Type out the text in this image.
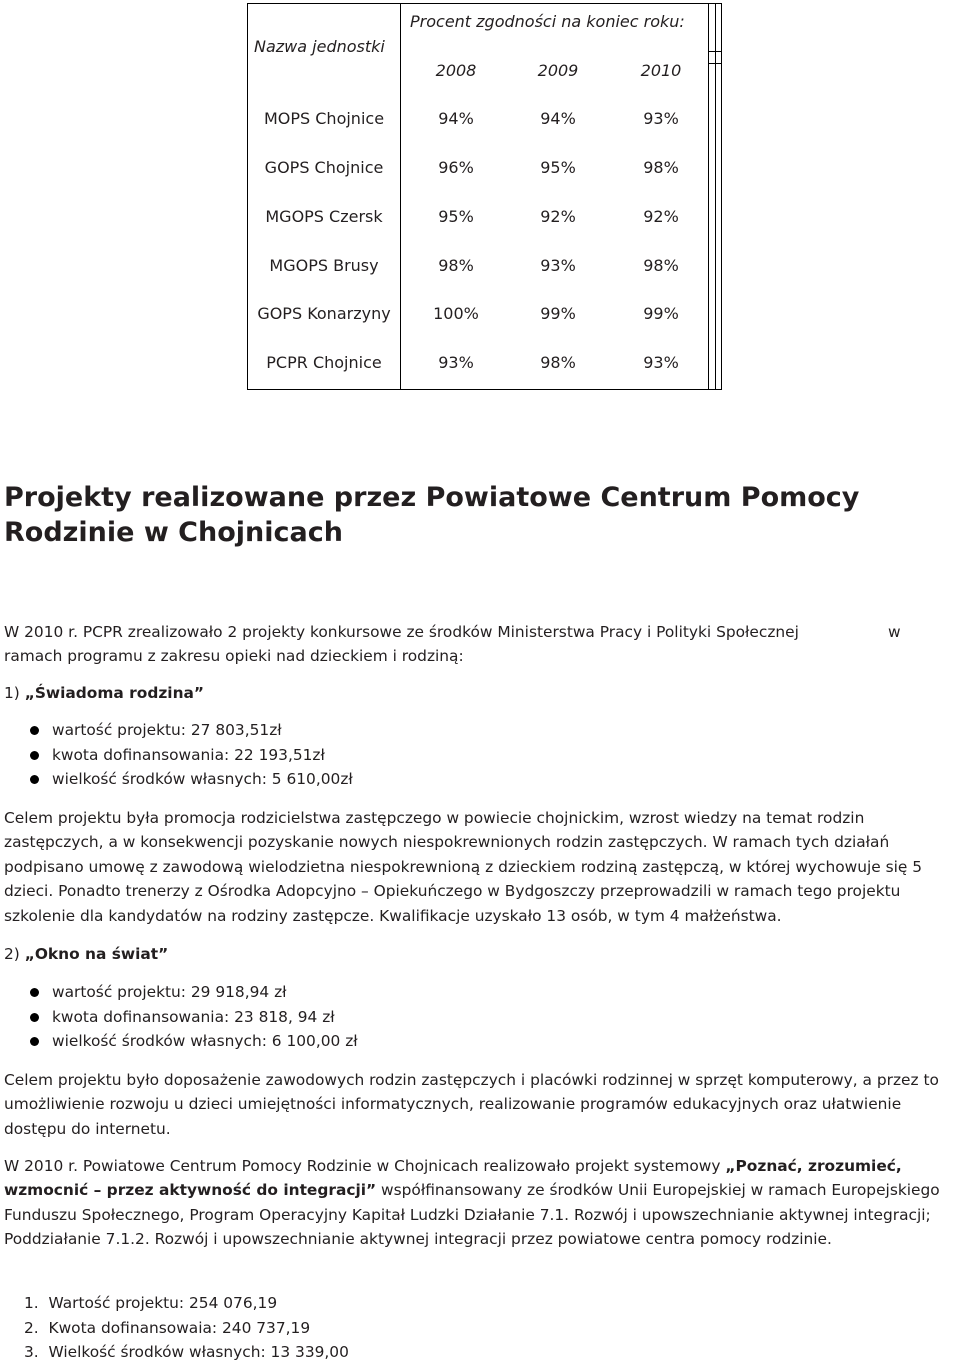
Nazwa jednostki
Procent zgodności na koniec roku:
2008	2009	2010
MOPS Chojnice	94%	94%	93%
GOPS Chojnice	96%	95%	98%
MGOPS Czersk	95%	92%	92%
MGOPS Brusy	98%	93%	98%
GOPS Konarzyny	100%	99%	99%
PCPR Chojnice	93%	98%	93%
Projekty realizowane przez Powiatowe Centrum Pomocy Rodzinie w Chojnicach
W 2010 r. PCPR zrealizowało 2 projekty konkursowe ze środków Ministerstwa Pracy i Polityki Społecznej	w
ramach programu z zakresu opieki nad dzieckiem i rodziną:
1) „Świadoma rodzina”
wartość projektu: 27 803,51zł
kwota dofinansowania: 22 193,51zł
wielkość środków własnych: 5 610,00zł
Celem projektu była promocja rodzicielstwa zastępczego w powiecie chojnickim, wzrost wiedzy na temat rodzin zastępczych, a w konsekwencji pozyskanie nowych niespokrewnionych rodzin zastępczych. W ramach tych działań podpisano umowę z zawodową wielodzietna niespokrewnioną z dzieckiem rodziną zastępczą, w której wychowuje się 5 dzieci. Ponadto trenerzy z Ośrodka Adopcyjno – Opiekuńczego w Bydgoszczy przeprowadzili w ramach tego projektu szkolenie dla kandydatów na rodziny zastępcze. Kwalifikacje uzyskało 13 osób, w tym 4 małżeństwa.
2) „Okno na świat”
wartość projektu: 29 918,94 zł
kwota dofinansowania: 23 818, 94 zł
wielkość środków własnych: 6 100,00 zł
Celem projektu było doposażenie zawodowych rodzin zastępczych i placówki rodzinnej w sprzęt komputerowy, a przez to umożliwienie rozwoju u dzieci umiejętności informatycznych, realizowanie programów edukacyjnych oraz ułatwienie dostępu do internetu.
W 2010 r. Powiatowe Centrum Pomocy Rodzinie w Chojnicach realizowało projekt systemowy „Poznać, zrozumieć, wzmocnić – przez aktywność do integracji” współfinansowany ze środków Unii Europejskiej w ramach Europejskiego Funduszu Społecznego, Program Operacyjny Kapitał Ludzki Działanie 7.1. Rozwój i upowszechnianie aktywnej integracji; Poddziałanie 7.1.2. Rozwój i upowszechnianie aktywnej integracji przez powiatowe centra pomocy rodzinie.
1. Wartość projektu: 254 076,19
2. Kwota dofinansowaia: 240 737,19
3. Wielkość środków własnych: 13 339,00
